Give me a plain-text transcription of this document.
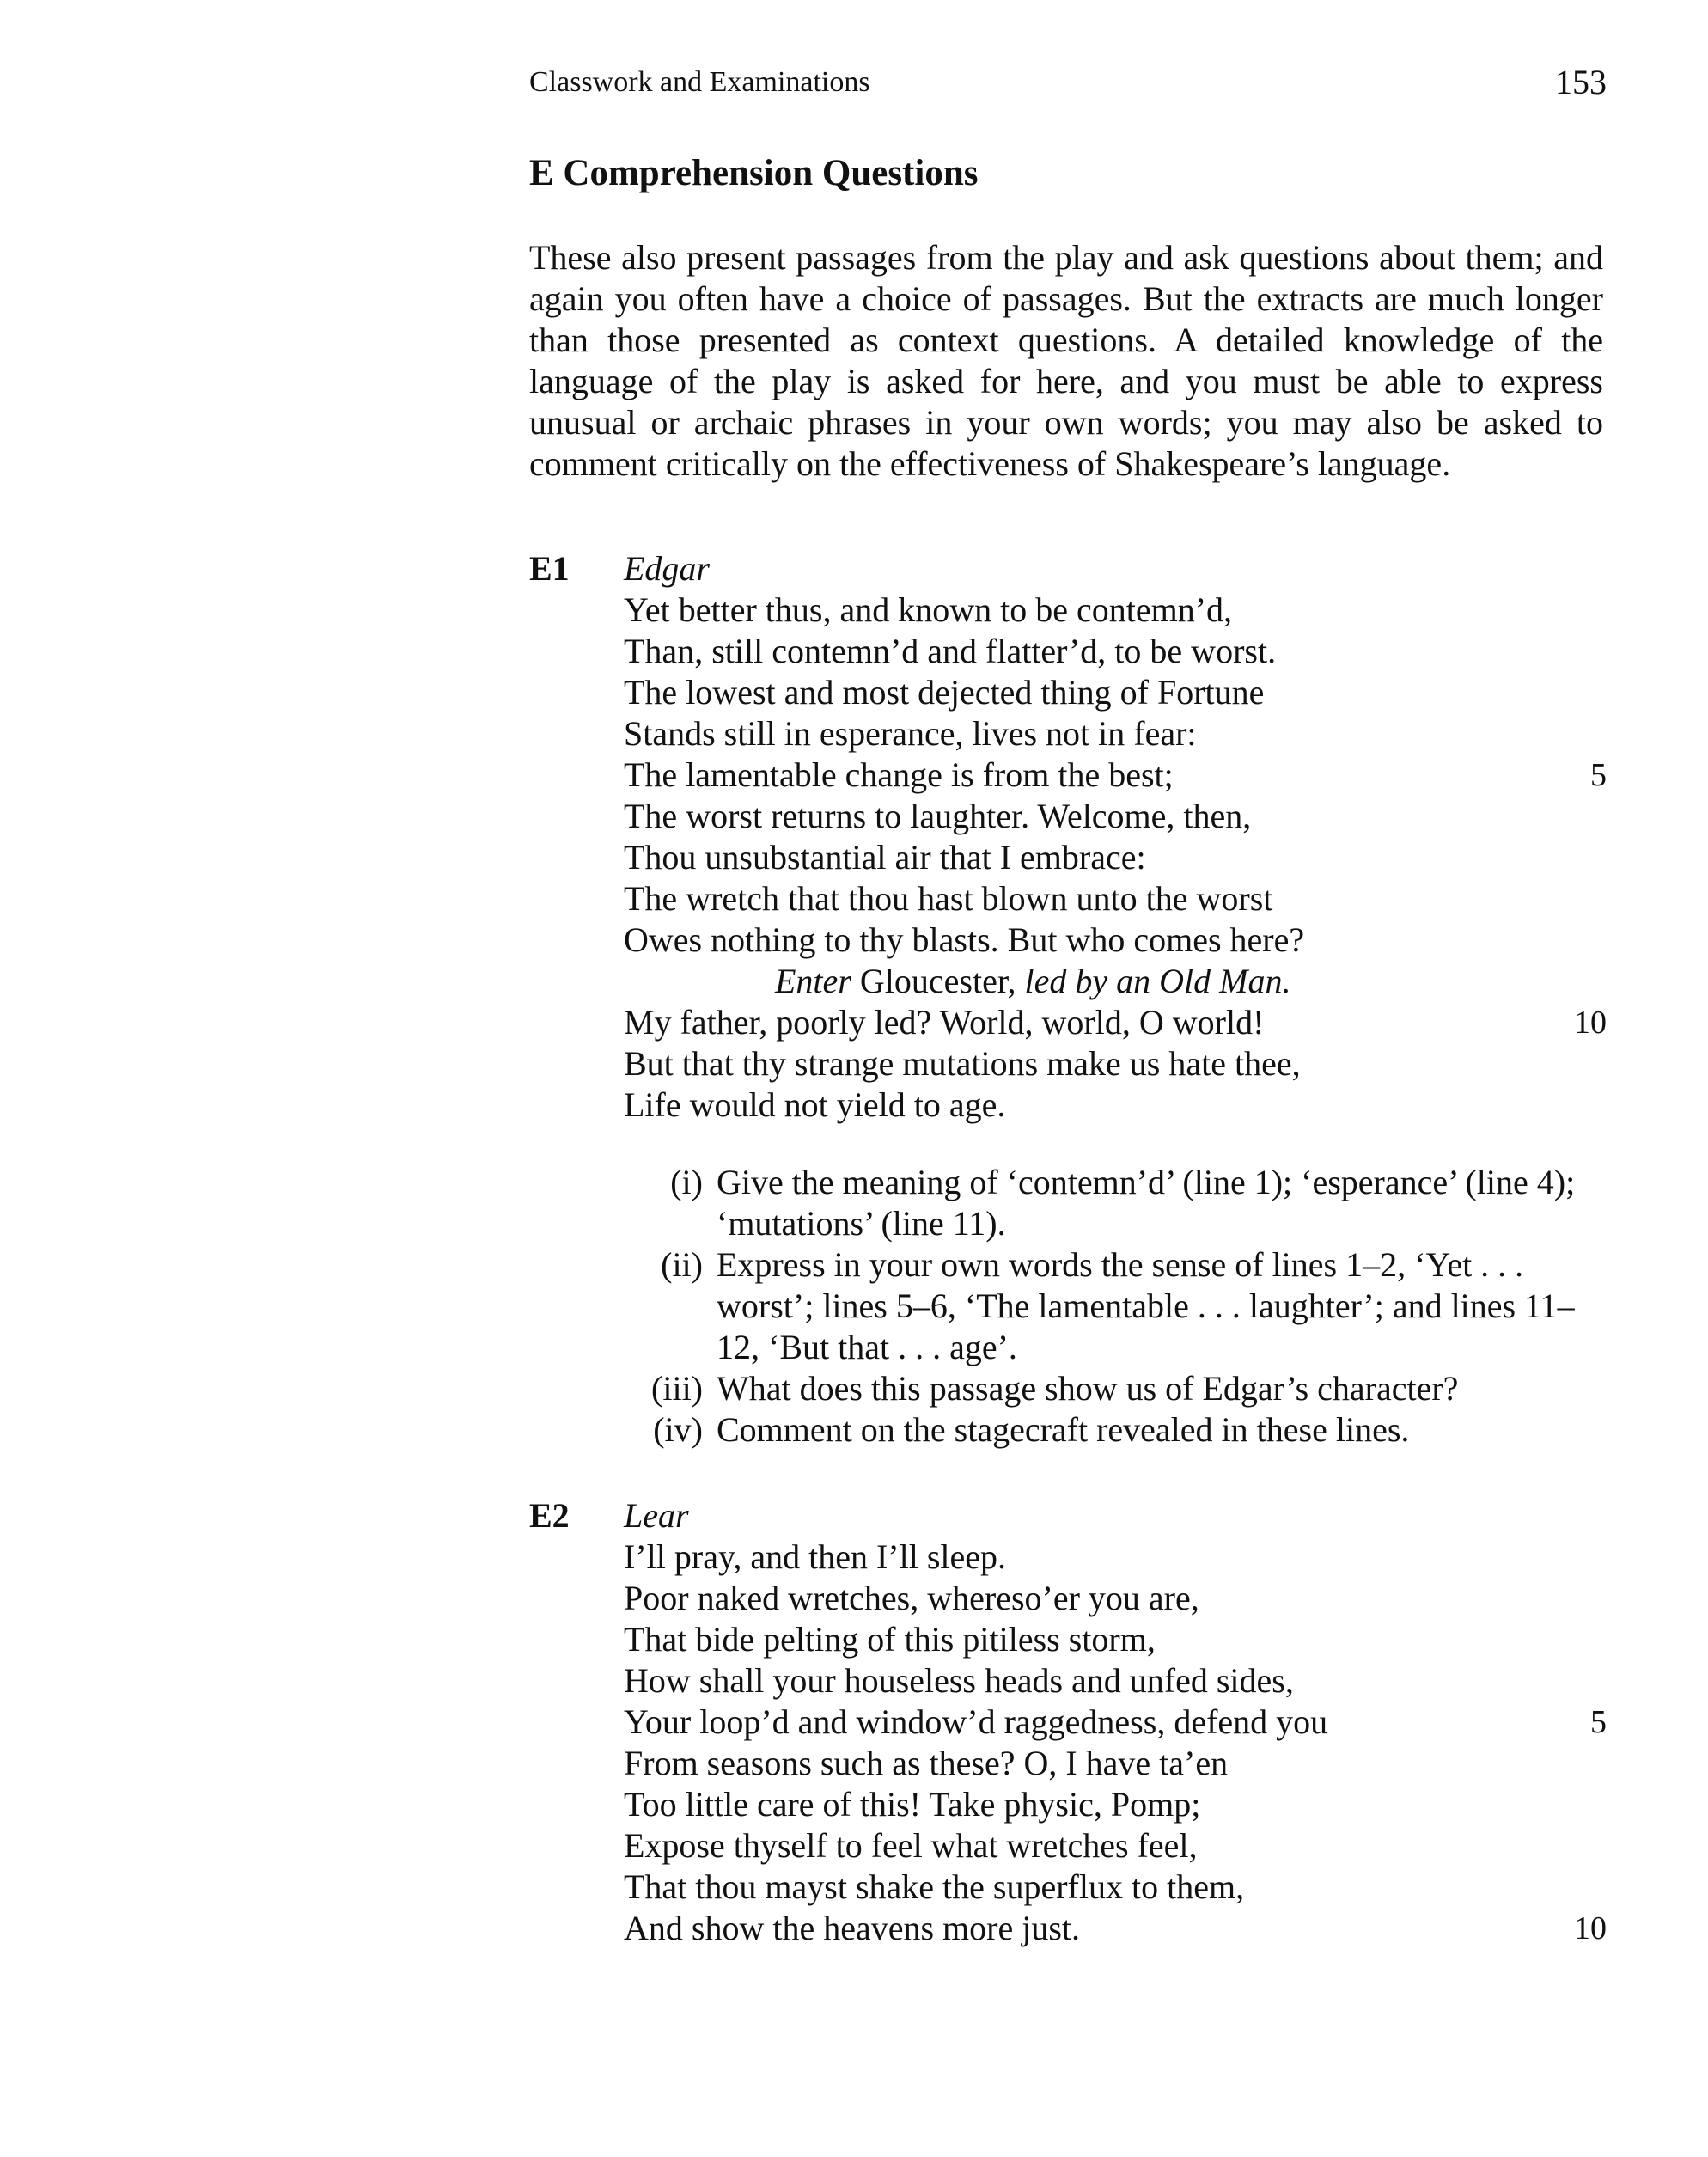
Classwork and Examinations	153
E Comprehension Questions

These also present passages from the play and ask questions about them; and again you often have a choice of passages. But the extracts are much longer than those presented as context questions. A detailed knowledge of the language of the play is asked for here, and you must be able to express unusual or archaic phrases in your own words; you may also be asked to comment critically on the effectiveness of Shakespeare’s language.

E1 Edgar
Yet better thus, and known to be contemn’d,
Than, still contemn’d and flatter’d, to be worst.
The lowest and most dejected thing of Fortune
Stands still in esperance, lives not in fear:
The lamentable change is from the best;	5
The worst returns to laughter. Welcome, then,
Thou unsubstantial air that I embrace:
The wretch that thou hast blown unto the worst
Owes nothing to thy blasts. But who comes here?
Enter Gloucester, led by an Old Man.
My father, poorly led? World, world, O world!	10
But that thy strange mutations make us hate thee,
Life would not yield to age.
(i) Give the meaning of ‘contemn’d’ (line 1); ‘esperance’ (line 4); ‘mutations’ (line 11).
(ii) Express in your own words the sense of lines 1–2, ‘Yet . . . worst’; lines 5–6, ‘The lamentable . . . laughter’; and lines 11–12, ‘But that . . . age’.
(iii) What does this passage show us of Edgar’s character?
(iv) Comment on the stagecraft revealed in these lines.
E2 Lear
I’ll pray, and then I’ll sleep.
Poor naked wretches, whereso’er you are,
That bide pelting of this pitiless storm,
How shall your houseless heads and unfed sides,
Your loop’d and window’d raggedness, defend you	5
From seasons such as these? O, I have ta’en
Too little care of this! Take physic, Pomp;
Expose thyself to feel what wretches feel,
That thou mayst shake the superflux to them,
And show the heavens more just.	10
